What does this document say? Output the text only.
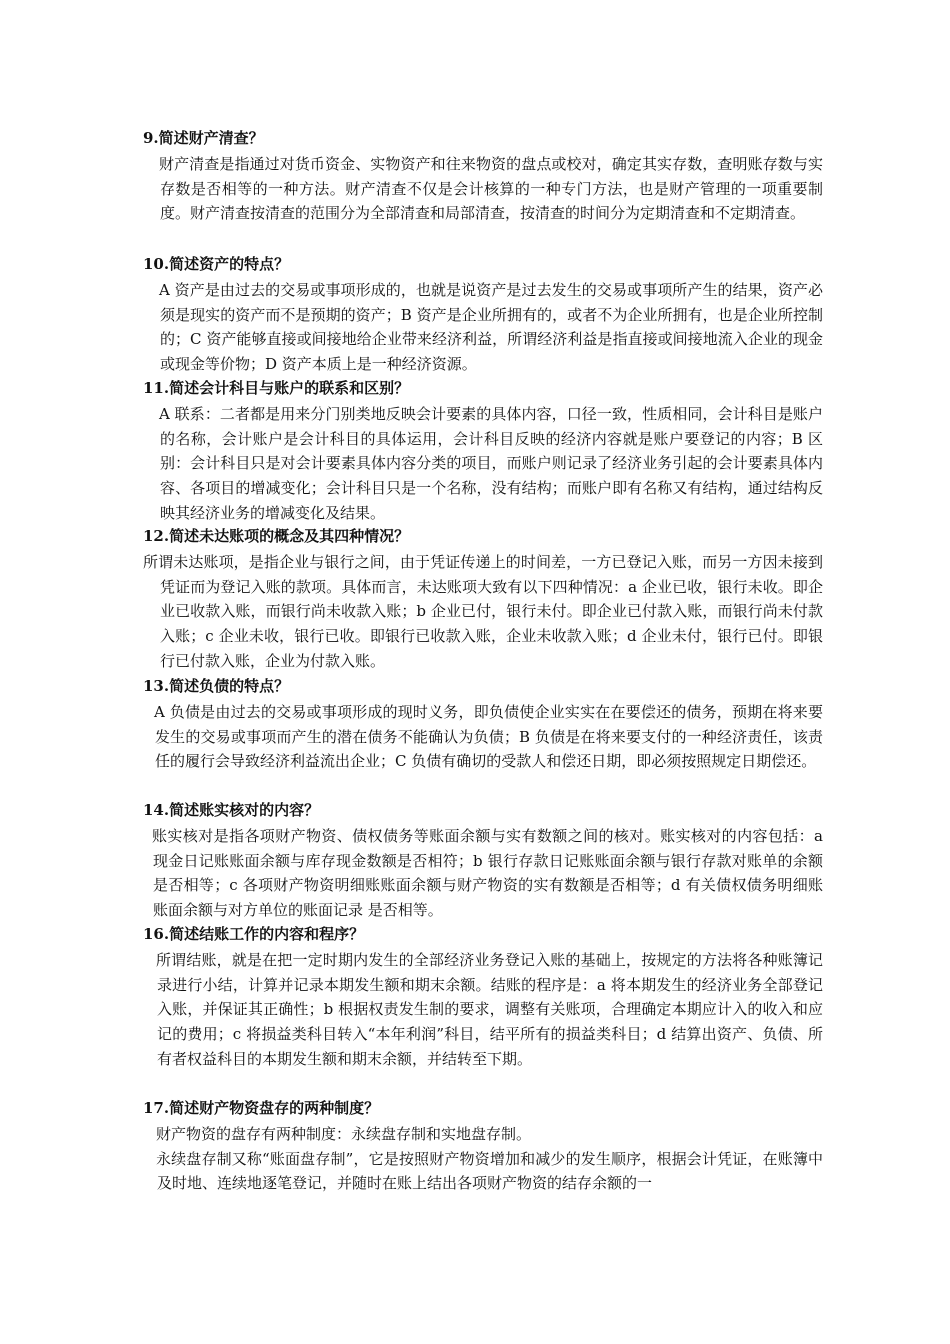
9.简述财产清查？
财产清查是指通过对货币资金、实物资产和往来物资的盘点或校对，确定其实存数，查明账存数与实存数是否相等的一种方法。财产清查不仅是会计核算的一种专门方法，也是财产管理的一项重要制度。财产清查按清查的范围分为全部清查和局部清查，按清查的时间分为定期清查和不定期清查。
10.简述资产的特点？
A 资产是由过去的交易或事项形成的，也就是说资产是过去发生的交易或事项所产生的结果，资产必须是现实的资产而不是预期的资产；B 资产是企业所拥有的，或者不为企业所拥有，也是企业所控制的；C 资产能够直接或间接地给企业带来经济利益，所谓经济利益是指直接或间接地流入企业的现金或现金等价物；D 资产本质上是一种经济资源。
11.简述会计科目与账户的联系和区别？
A 联系：二者都是用来分门别类地反映会计要素的具体内容，口径一致，性质相同，会计科目是账户的名称，会计账户是会计科目的具体运用，会计科目反映的经济内容就是账户要登记的内容；B 区别：会计科目只是对会计要素具体内容分类的项目，而账户则记录了经济业务引起的会计要素具体内容、各项目的增减变化；会计科目只是一个名称，没有结构；而账户即有名称又有结构，通过结构反映其经济业务的增减变化及结果。
12.简述未达账项的概念及其四种情况？
所谓未达账项，是指企业与银行之间，由于凭证传递上的时间差，一方已登记入账，而另一方因未接到凭证而为登记入账的款项。具体而言，未达账项大致有以下四种情况：a 企业已收，银行未收。即企业已收款入账，而银行尚未收款入账；b 企业已付，银行未付。即企业已付款入账，而银行尚未付款入账；c 企业未收，银行已收。即银行已收款入账，企业未收款入账；d 企业未付，银行已付。即银行已付款入账，企业为付款入账。
13.简述负债的特点？
A 负债是由过去的交易或事项形成的现时义务，即负债使企业实实在在要偿还的债务，预期在将来要发生的交易或事项而产生的潜在债务不能确认为负债；B 负债是在将来要支付的一种经济责任，该责任的履行会导致经济利益流出企业；C 负债有确切的受款人和偿还日期，即必须按照规定日期偿还。
14.简述账实核对的内容？
账实核对是指各项财产物资、债权债务等账面余额与实有数额之间的核对。账实核对的内容包括：a 现金日记账账面余额与库存现金数额是否相符；b 银行存款日记账账面余额与银行存款对账单的余额是否相等；c 各项财产物资明细账账面余额与财产物资的实有数额是否相等；d 有关债权债务明细账账面余额与对方单位的账面记录 是否相等。
16.简述结账工作的内容和程序？
所谓结账，就是在把一定时期内发生的全部经济业务登记入账的基础上，按规定的方法将各种账簿记录进行小结，计算并记录本期发生额和期末余额。结账的程序是：a 将本期发生的经济业务全部登记入账，并保证其正确性；b 根据权责发生制的要求，调整有关账项，合理确定本期应计入的收入和应记的费用；c 将损益类科目转入“本年利润”科目，结平所有的损益类科目；d 结算出资产、负债、所有者权益科目的本期发生额和期末余额，并结转至下期。
17.简述财产物资盘存的两种制度？
财产物资的盘存有两种制度：永续盘存制和实地盘存制。
永续盘存制又称“账面盘存制”，它是按照财产物资增加和减少的发生顺序，根据会计凭证，在账簿中及时地、连续地逐笔登记，并随时在账上结出各项财产物资的结存余额的一
